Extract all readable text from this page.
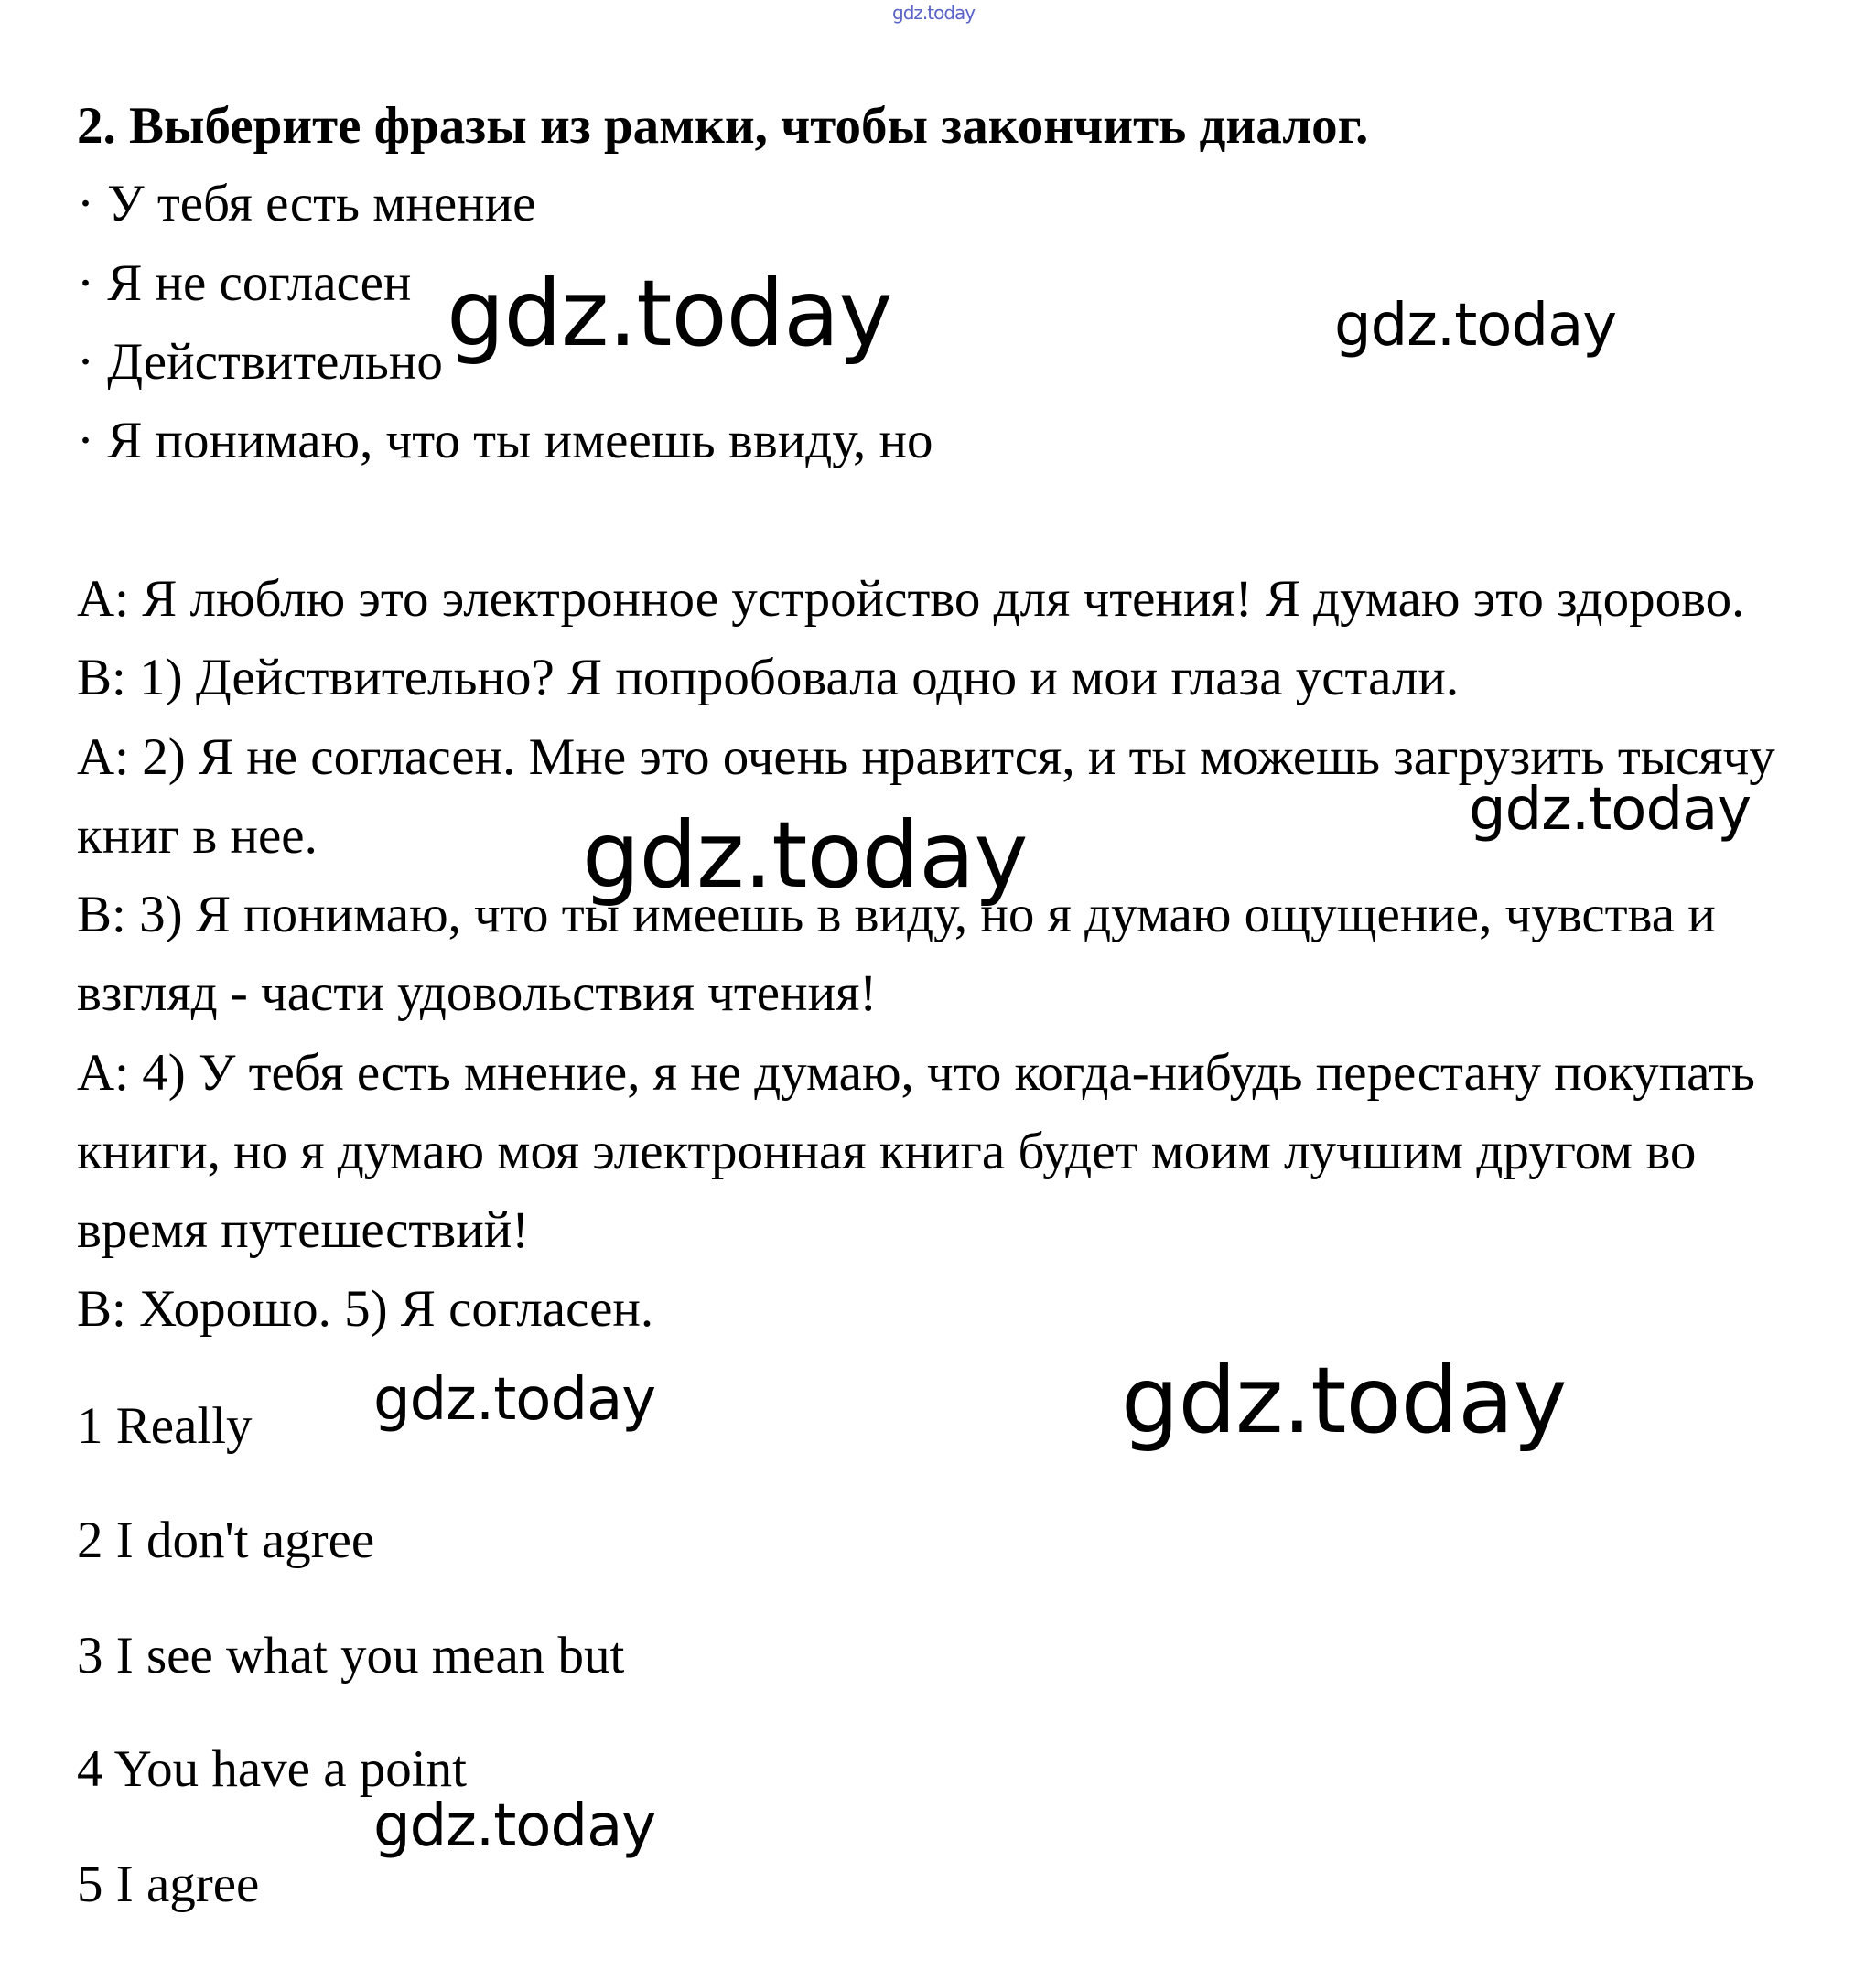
gdz.today
2. Выберите фразы из рамки, чтобы закончить диалог.
· У тебя есть мнение
· Я не согласен
· Действительно
· Я понимаю, что ты имеешь ввиду, но
А: Я люблю это электронное устройство для чтения! Я думаю это здорово.
В: 1) Действительно? Я попробовала одно и мои глаза устали.
А: 2) Я не согласен. Мне это очень нравится, и ты можешь загрузить тысячу
книг в нее.
В: 3) Я понимаю, что ты имеешь в виду, но я думаю ощущение, чувства и
взгляд - части удовольствия чтения!
А: 4) У тебя есть мнение, я не думаю, что когда-нибудь перестану покупать
книги, но я думаю моя электронная книга будет моим лучшим другом во
время путешествий!
В: Хорошо. 5) Я согласен.
1 Really
2 I don't agree
3 I see what you mean but
4 You have a point
5 I agree
gdz.today	gdz.today
gdz.today
gdz.today
gdz.today	gdz.today
gdz.today
